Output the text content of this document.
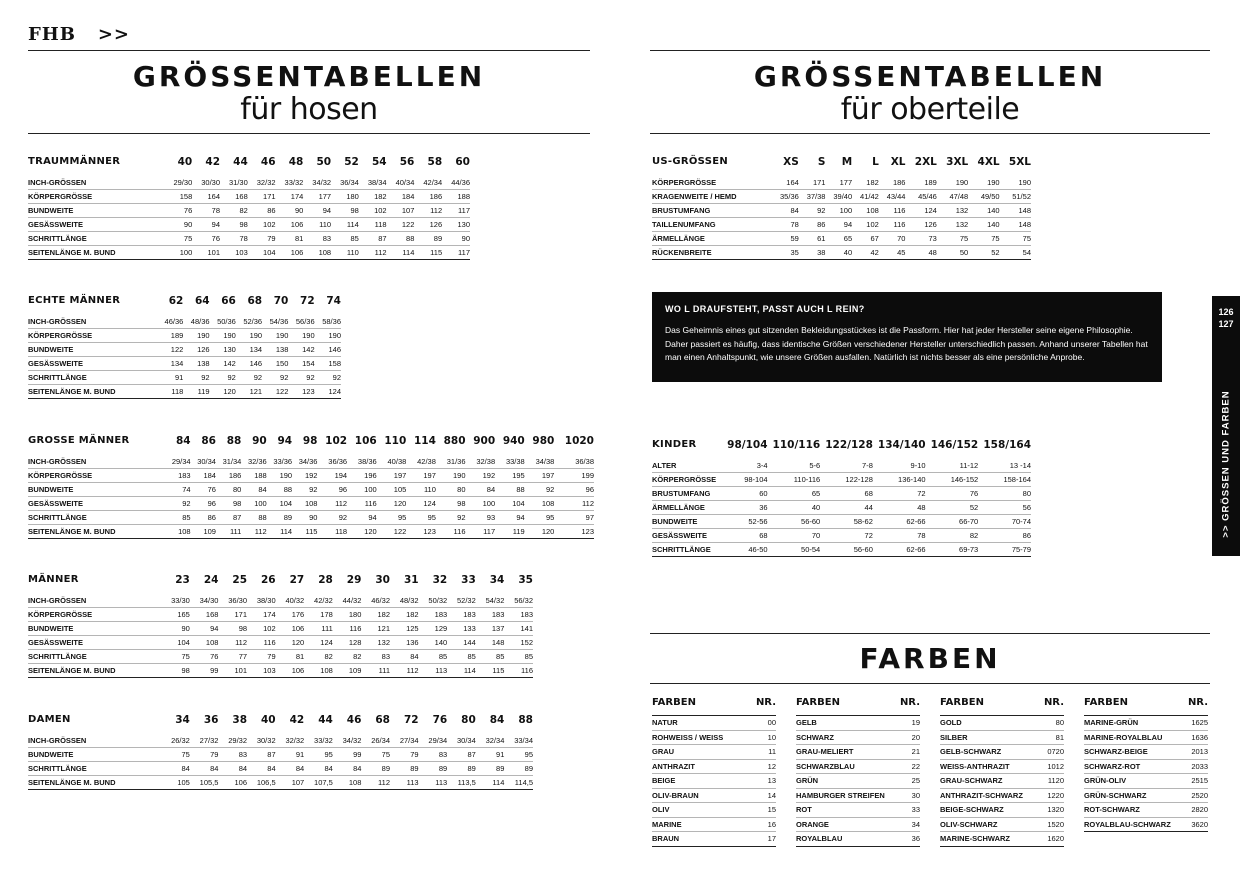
FHB >>
GRÖSSENTABELLEN
für hosen
GRÖSSENTABELLEN
für oberteile
TRAUMMÄNNER	40	42	44	46	48	50	52	54	56	58	60
INCH-GRÖSSEN	29/30	30/30	31/30	32/32	33/32	34/32	36/34	38/34	40/34	42/34	44/36
KÖRPERGRÖSSE	158	164	168	171	174	177	180	182	184	186	188
BUNDWEITE	76	78	82	86	90	94	98	102	107	112	117
GESÄSSWEITE	90	94	98	102	106	110	114	118	122	126	130
SCHRITTLÄNGE	75	76	78	79	81	83	85	87	88	89	90
SEITENLÄNGE M. BUND	100	101	103	104	106	108	110	112	114	115	117
ECHTE MÄNNER	62	64	66	68	70	72	74
INCH-GRÖSSEN	46/36	48/36	50/36	52/36	54/36	56/36	58/36
KÖRPERGRÖSSE	189	190	190	190	190	190	190
BUNDWEITE	122	126	130	134	138	142	146
GESÄSSWEITE	134	138	142	146	150	154	158
SCHRITTLÄNGE	91	92	92	92	92	92	92
SEITENLÄNGE M. BUND	118	119	120	121	122	123	124
GROSSE MÄNNER	84	86	88	90	94	98	102	106	110	114	880	900	940	980	1020
INCH-GRÖSSEN	29/34	30/34	31/34	32/36	33/36	34/36	36/36	38/36	40/38	42/38	31/36	32/38	33/38	34/38	36/38
KÖRPERGRÖSSE	183	184	186	188	190	192	194	196	197	197	190	192	195	197	199
BUNDWEITE	74	76	80	84	88	92	96	100	105	110	80	84	88	92	96
GESÄSSWEITE	92	96	98	100	104	108	112	116	120	124	98	100	104	108	112
SCHRITTLÄNGE	85	86	87	88	89	90	92	94	95	95	92	93	94	95	97
SEITENLÄNGE M. BUND	108	109	111	112	114	115	118	120	122	123	116	117	119	120	123
MÄNNER	23	24	25	26	27	28	29	30	31	32	33	34	35
INCH-GRÖSSEN	33/30	34/30	36/30	38/30	40/32	42/32	44/32	46/32	48/32	50/32	52/32	54/32	56/32
KÖRPERGRÖSSE	165	168	171	174	176	178	180	182	182	183	183	183	183
BUNDWEITE	90	94	98	102	106	111	116	121	125	129	133	137	141
GESÄSSWEITE	104	108	112	116	120	124	128	132	136	140	144	148	152
SCHRITTLÄNGE	75	76	77	79	81	82	82	83	84	85	85	85	85
SEITENLÄNGE M. BUND	98	99	101	103	106	108	109	111	112	113	114	115	116
DAMEN	34	36	38	40	42	44	46	68	72	76	80	84	88
INCH-GRÖSSEN	26/32	27/32	29/32	30/32	32/32	33/32	34/32	26/34	27/34	29/34	30/34	32/34	33/34
BUNDWEITE	75	79	83	87	91	95	99	75	79	83	87	91	95
SCHRITTLÄNGE	84	84	84	84	84	84	84	89	89	89	89	89	89
SEITENLÄNGE M. BUND	105	105,5	106	106,5	107	107,5	108	112	113	113	113,5	114	114,5
US-GRÖSSEN	XS	S	M	L	XL	2XL	3XL	4XL	5XL
KÖRPERGRÖSSE	164	171	177	182	186	189	190	190	190
KRAGENWEITE / HEMD	35/36	37/38	39/40	41/42	43/44	45/46	47/48	49/50	51/52
BRUSTUMFANG	84	92	100	108	116	124	132	140	148
TAILLENUMFANG	78	86	94	102	116	126	132	140	148
ÄRMELLÄNGE	59	61	65	67	70	73	75	75	75
RÜCKENBREITE	35	38	40	42	45	48	50	52	54
KINDER	98/104	110/116	122/128	134/140	146/152	158/164
ALTER	3-4	5-6	7-8	9-10	11-12	13 -14
KÖRPERGRÖSSE	98-104	110-116	122-128	136-140	146-152	158-164
BRUSTUMFANG	60	65	68	72	76	80
ÄRMELLÄNGE	36	40	44	48	52	56
BUNDWEITE	52-56	56-60	58-62	62-66	66-70	70-74
GESÄSSWEITE	68	70	72	78	82	86
SCHRITTLÄNGE	46-50	50-54	56-60	62-66	69-73	75-79
WO L DRAUFSTEHT, PASST AUCH L REIN?
Das Geheimnis eines gut sitzenden Bekleidungsstückes ist die Passform. Hier hat jeder Hersteller seine eigene Philosophie. Daher passiert es häufig, dass identische Größen verschiedener Hersteller unterschiedlich passen. Anhand unserer Tabellen hat man einen Anhaltspunkt, wie unsere Größen ausfallen. Natürlich ist nichts besser als eine persönliche Anprobe.
126
127
>> GRÖSSEN UND FARBEN
FARBEN
FARBEN	NR.
NATUR	00
ROHWEISS / WEISS	10
GRAU	11
ANTHRAZIT	12
BEIGE	13
OLIV-BRAUN	14
OLIV	15
MARINE	16
BRAUN	17
FARBEN	NR.
GELB	19
SCHWARZ	20
GRAU-MELIERT	21
SCHWARZBLAU	22
GRÜN	25
HAMBURGER STREIFEN	30
ROT	33
ORANGE	34
ROYALBLAU	36
FARBEN	NR.
GOLD	80
SILBER	81
GELB-SCHWARZ	0720
WEISS-ANTHRAZIT	1012
GRAU-SCHWARZ	1120
ANTHRAZIT-SCHWARZ	1220
BEIGE-SCHWARZ	1320
OLIV-SCHWARZ	1520
MARINE-SCHWARZ	1620
FARBEN	NR.
MARINE-GRÜN	1625
MARINE-ROYALBLAU	1636
SCHWARZ-BEIGE	2013
SCHWARZ-ROT	2033
GRÜN-OLIV	2515
GRÜN-SCHWARZ	2520
ROT-SCHWARZ	2820
ROYALBLAU-SCHWARZ	3620
